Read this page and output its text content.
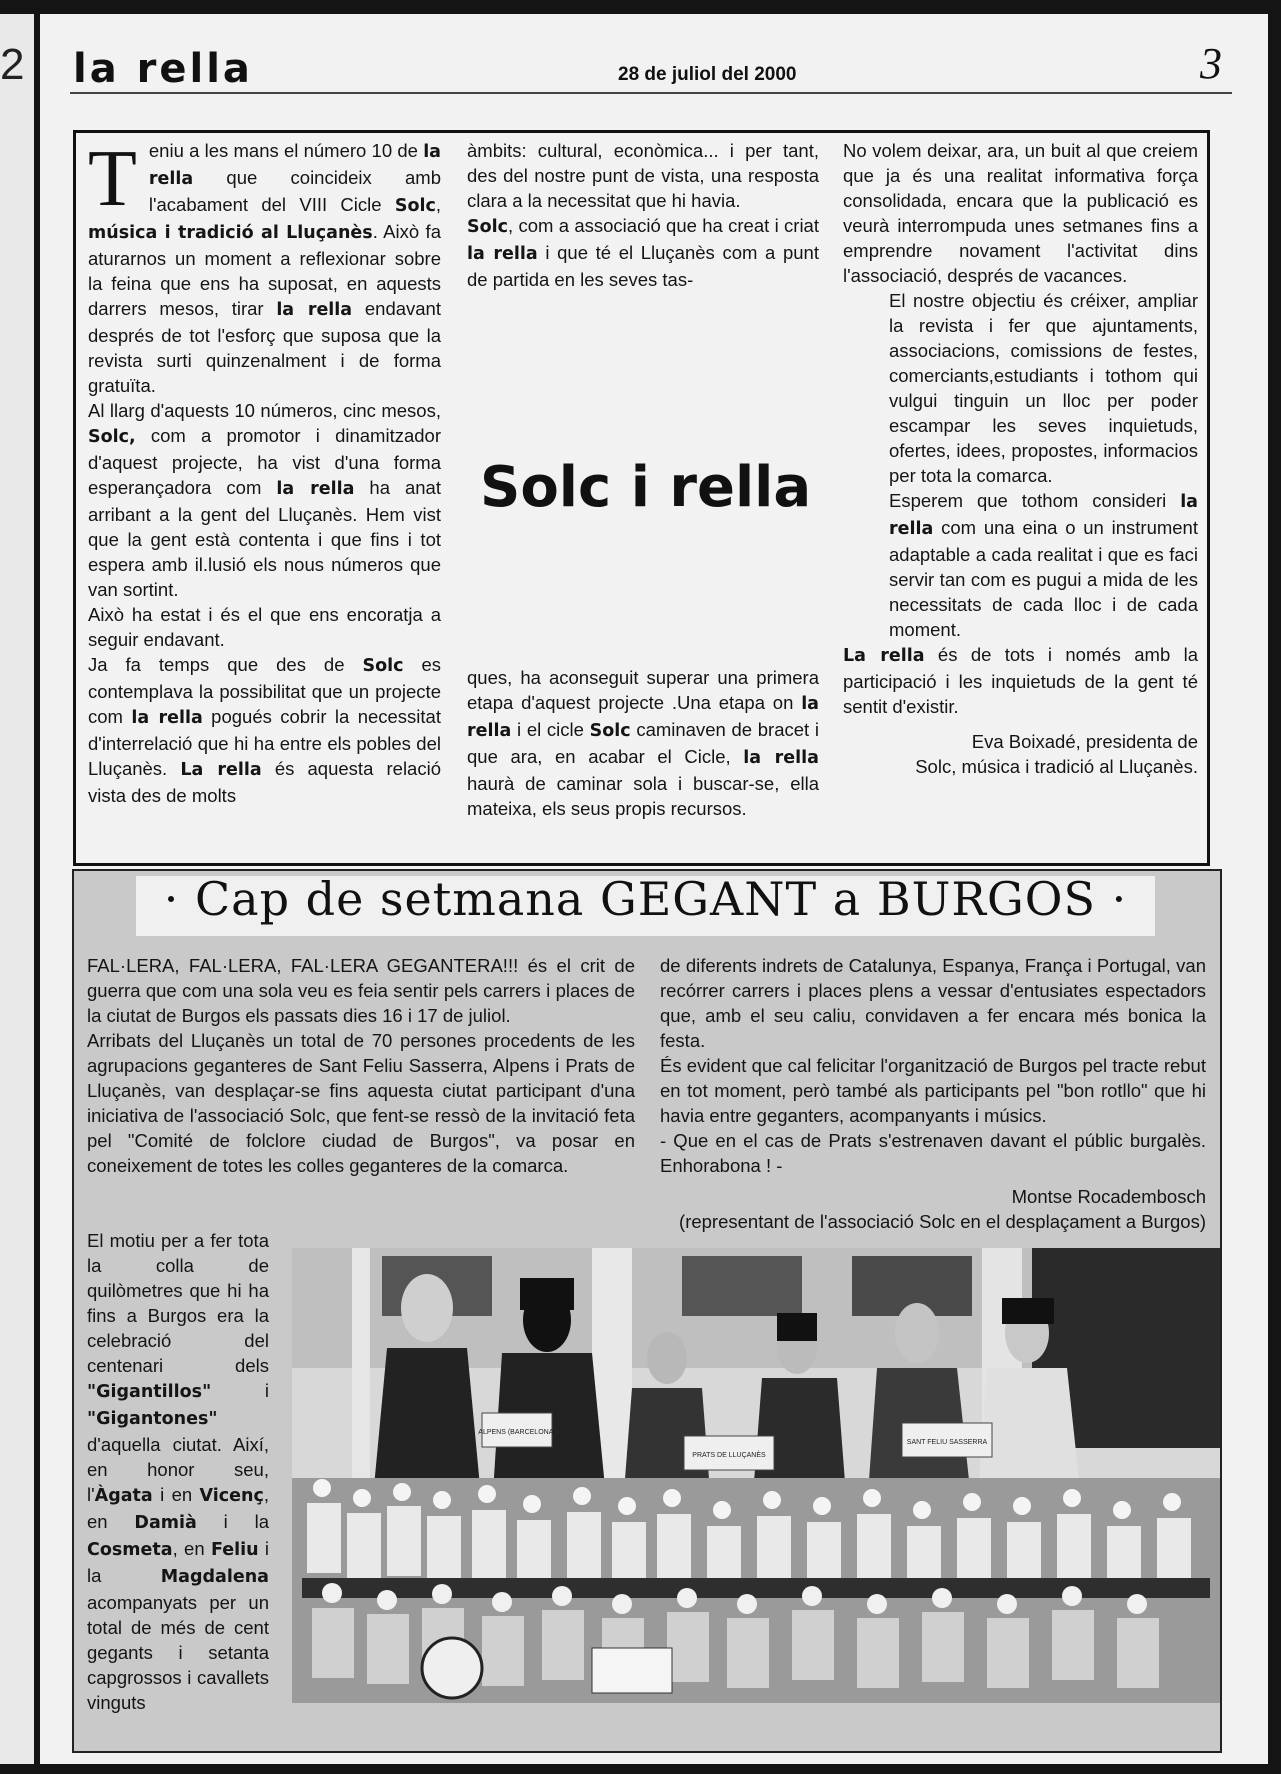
2 la rella	28 de juliol del 2000	3

Teniu a les mans el número 10 de la rella que coincideix amb l'acabament del VIII Cicle Solc, música i tradició al Lluçanès. Això fa aturarnos un moment a reflexionar sobre la feina que ens ha suposat, en aquests darrers mesos, tirar la rella endavant després de tot l'esforç que suposa que la revista surti quinzenalment i de forma gratuïta.

Al llarg d'aquests 10 números, cinc mesos, Solc, com a promotor i dinamitzador d'aquest projecte, ha vist d'una forma esperançadora com la rella ha anat arribant a la gent del Lluçanès. Hem vist que la gent està contenta i que fins i tot espera amb il.lusió els nous números que van sortint.

Això ha estat i és el que ens encoratja a seguir endavant.

Ja fa temps que des de Solc es contemplava la possibilitat que un projecte com la rella pogués cobrir la necessitat d'interrelació que hi ha entre els pobles del Lluçanès. La rella és aquesta relació vista des de molts

àmbits: cultural, econòmica... i per tant, des del nostre punt de vista, una resposta clara a la necessitat que hi havia.

Solc, com a associació que ha creat i criat la rella i que té el Lluçanès com a punt de partida en les seves tas-

Solc i rella

ques, ha aconseguit superar una primera etapa d'aquest projecte .Una etapa on la rella i el cicle Solc caminaven de bracet i que ara, en acabar el Cicle, la rella haurà de caminar sola i buscar-se, ella mateixa, els seus propis recursos.

No volem deixar, ara, un buit al que creiem que ja és una realitat informativa força consolidada, encara que la publicació es veurà interrompuda unes setmanes fins a emprendre novament l'activitat dins l'associació, després de vacances.

El nostre objectiu és créixer, ampliar la revista i fer que ajuntaments, associacions, comissions de festes, comerciants,estudiants i tothom qui vulgui tinguin un lloc per poder escampar les seves inquietuds, ofertes, idees, propostes, informacios per tota la comarca.

Esperem que tothom consideri la rella com una eina o un instrument adaptable a cada realitat i que es faci servir tan com es pugui a mida de les necessitats de cada lloc i de cada moment.

La rella és de tots i només amb la participació i les inquietuds de la gent té sentit d'existir.

Eva Boixadé, presidenta de
Solc, música i tradició al Lluçanès.

· Cap de setmana GEGANT a BURGOS ·

FAL·LERA, FAL·LERA, FAL·LERA GEGANTERA!!! és el crit de guerra que com una sola veu es feia sentir pels carrers i places de la ciutat de Burgos els passats dies 16 i 17 de juliol.

Arribats del Lluçanès un total de 70 persones procedents de les agrupacions geganteres de Sant Feliu Sasserra, Alpens i Prats de Lluçanès, van desplaçar-se fins aquesta ciutat participant d'una iniciativa de l'associació Solc, que fent-se ressò de la invitació feta pel "Comité de folclore ciudad de Burgos", va posar en coneixement de totes les colles geganteres de la comarca.

El motiu per a fer tota la colla de quilòmetres que hi ha fins a Burgos era la celebració del centenari dels "Gigantillos" i "Gigantones" d'aquella ciutat. Així, en honor seu, l'Àgata i en Vicenç, en Damià i la Cosmeta, en Feliu i la Magdalena acompanyats per un total de més de cent gegants i setanta capgrossos i cavallets vinguts

de diferents indrets de Catalunya, Espanya, França i Portugal, van recórrer carrers i places plens a vessar d'entusiates espectadors que, amb el seu caliu, convidaven a fer encara més bonica la festa.

És evident que cal felicitar l'organització de Burgos pel tracte rebut en tot moment, però també als participants pel "bon rotllo" que hi havia entre geganters, acompanyants i músics.

- Que en el cas de Prats s'estrenaven davant el públic burgalès. Enhorabona ! -

Montse Rocadembosch
(representant de l'associació Solc en el desplaçament a Burgos)

ALPENS (BARCELONA)
PRATS DE LLUÇANÈS
SANT FELIU SASSERRA
